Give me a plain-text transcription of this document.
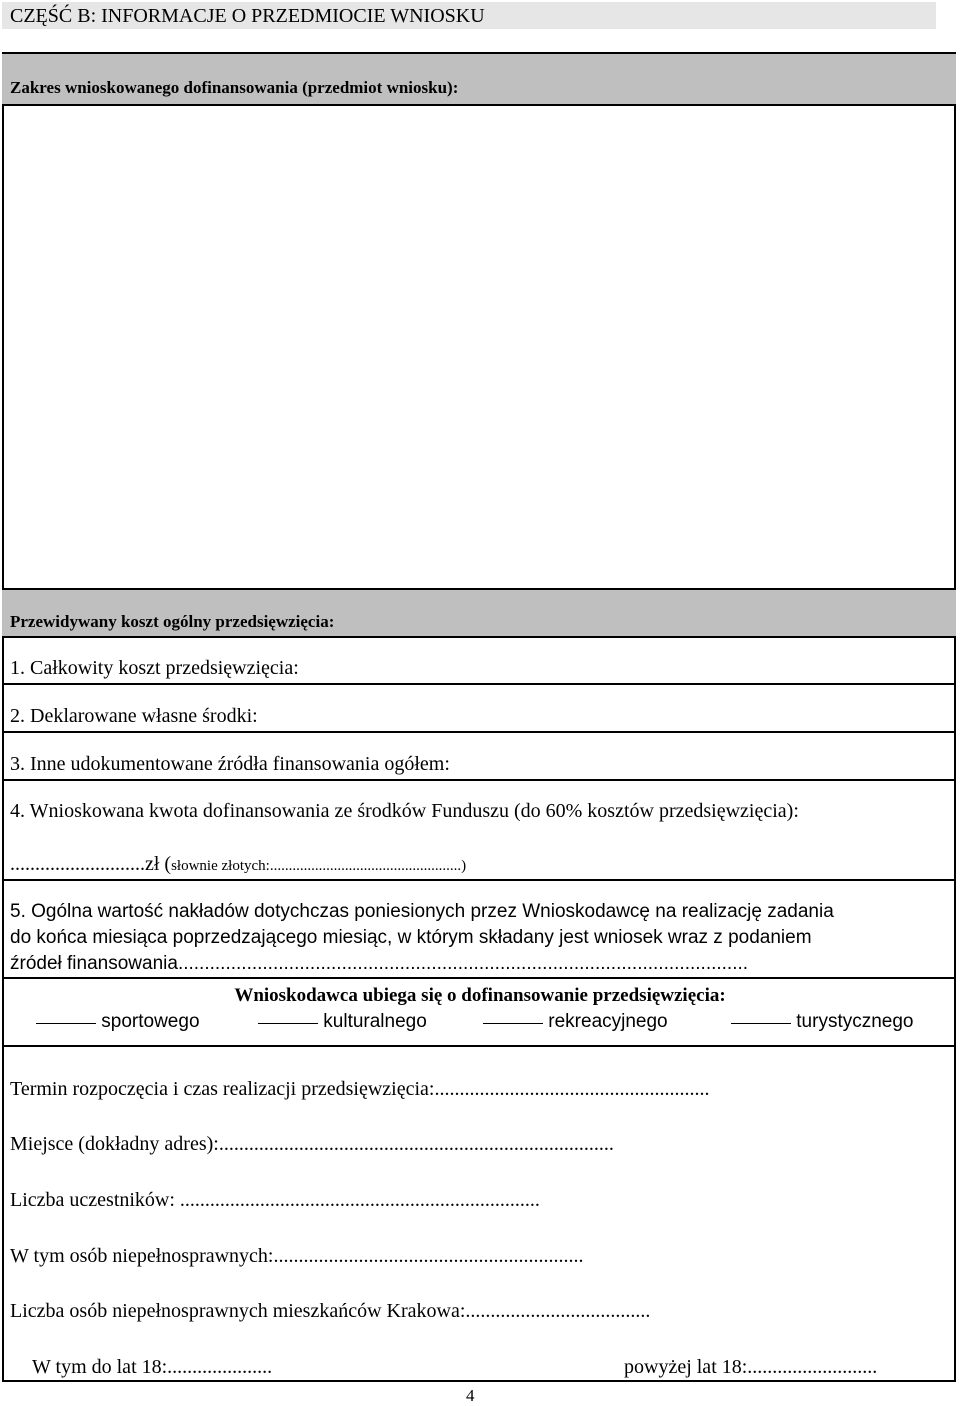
CZĘŚĆ B: INFORMACJE O PRZEDMIOCIE WNIOSKU
Zakres wnioskowanego dofinansowania (przedmiot wniosku):
Przewidywany koszt ogólny przedsięwzięcia:
1. Całkowity koszt przedsięwzięcia:
2. Deklarowane własne środki:
3. Inne udokumentowane źródła finansowania ogółem:
4. Wnioskowana kwota dofinansowania ze środków Funduszu (do 60% kosztów przedsięwzięcia):
...........................zł (słownie złotych:...................................................)
5. Ogólna wartość nakładów dotychczas poniesionych przez Wnioskodawcę na realizację zadania
do końca miesiąca poprzedzającego miesiąc, w którym składany jest wniosek wraz z podaniem
źródeł finansowania............................................................................................................
Wnioskodawca ubiega się o dofinansowanie przedsięwzięcia:
sportowego	kulturalnego	rekreacyjnego	turystycznego
Termin rozpoczęcia i czas realizacji przedsięwzięcia:.......................................................
Miejsce (dokładny adres):...............................................................................
Liczba uczestników: ........................................................................
W tym osób niepełnosprawnych:..............................................................
Liczba osób niepełnosprawnych mieszkańców Krakowa:.....................................
W tym do lat 18:.....................	powyżej lat 18:..........................
4
